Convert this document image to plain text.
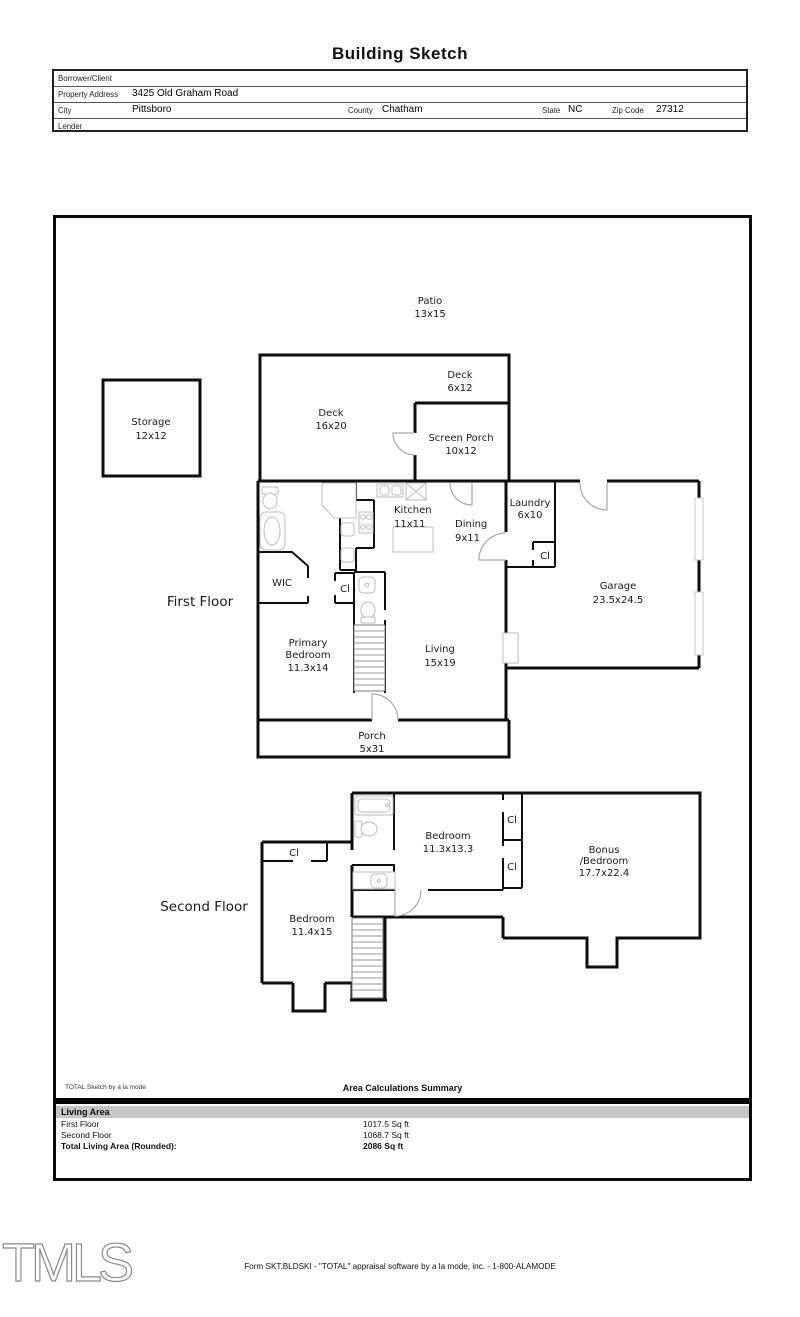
Building Sketch
Borrower/Client
Property Address 3425 Old Graham Road
City	Pittsboro	County Chatham	State NC	Zip Code 27312
Lender
First Floor
Patio
13x15
Deck
6x12
Deck
16x20
Screen Porch
10x12
Storage
12x12
Kitchen
11x11	Dining
9x11
Laundry
6x10
Cl
Garage
23.5x24.5
WIC
Cl
Primary
Bedroom
11.3x14
Living
15x19
Porch
5x31
Second Floor
Bedroom
11.3x13.3
Cl
Cl
Bonus
/Bedroom
17.7x22.4
Bedroom
11.4x15
Cl
TOTAL Sketch by a la mode	Area Calculations Summary
Living Area
First Floor	1017.5 Sq ft
Second Floor	1068.7 Sq ft
Total Living Area (Rounded):	2086 Sq ft
TMLS	Form SKT.BLDSKI - "TOTAL" appraisal software by a la mode, inc. - 1-800-ALAMODE
